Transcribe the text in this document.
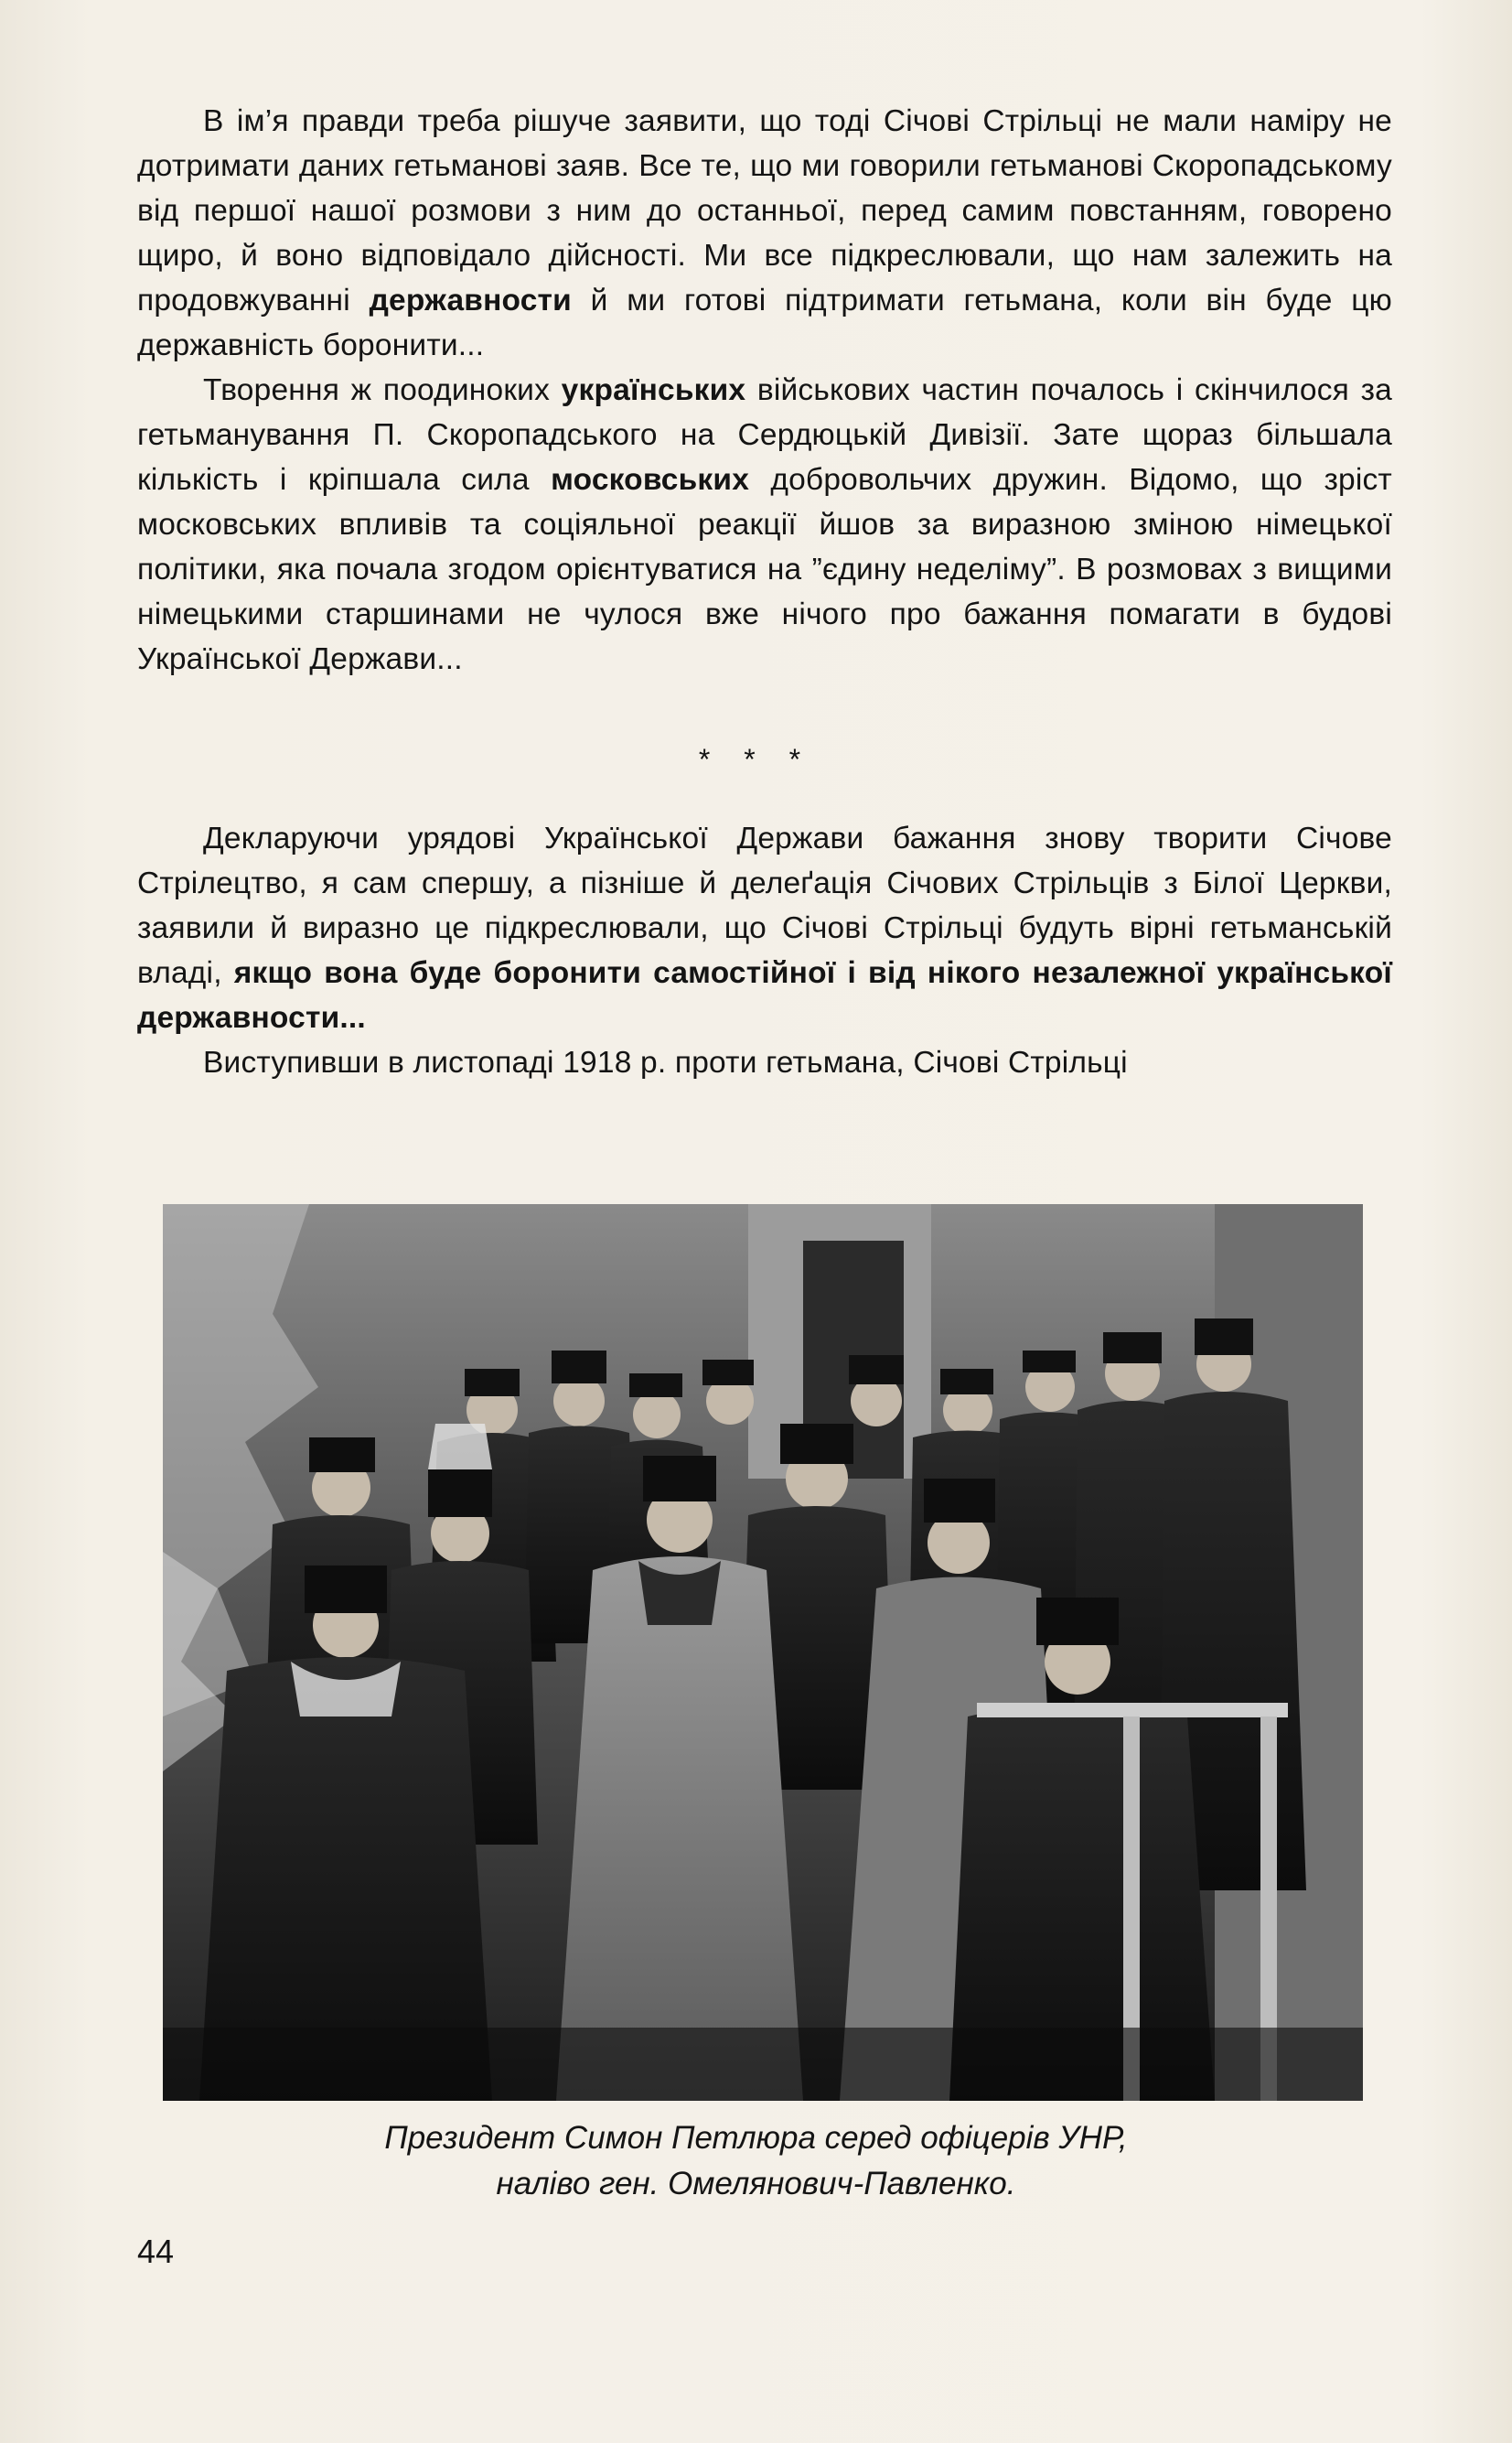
В ім’я правди треба рішуче заявити, що тоді Січові Стрільці не мали наміру не дотримати даних гетьманові заяв. Все те, що ми говорили гетьманові Скоропадському від першої нашої розмови з ним до останньої, перед самим повстанням, говорено щиро, й воно відповідало дійсності. Ми все підкреслювали, що нам залежить на продовжуванні державности й ми готові підтримати гетьмана, коли він буде цю державність боронити...

Творення ж поодиноких українських військових частин почалось і скінчилося за гетьманування П. Скоропадського на Сердюцькій Дивізії. Зате щораз більшала кількість і кріпшала сила московських добровольчих дружин. Відомо, що зріст московських впливів та соціяльної реакції йшов за виразною зміною німецької політики, яка почала згодом орієнтуватися на ”єдину неделіму”. В розмовах з вищими німецькими старшинами не чулося вже нічого про бажання помагати в будові Української Держави...

* * *

Декларуючи урядові Української Держави бажання знову творити Січове Стрілецтво, я сам спершу, а пізніше й делеґація Січових Стрільців з Білої Церкви, заявили й виразно це підкреслювали, що Січові Стрільці будуть вірні гетьманській владі, якщо вона буде боронити самостійної і від нікого незалежної української державности...

Виступивши в листопаді 1918 р. проти гетьмана, Січові Стрільці

Президент Симон Петлюра серед офіцерів УНР,
наліво ген. Омелянович-Павленко.
44
